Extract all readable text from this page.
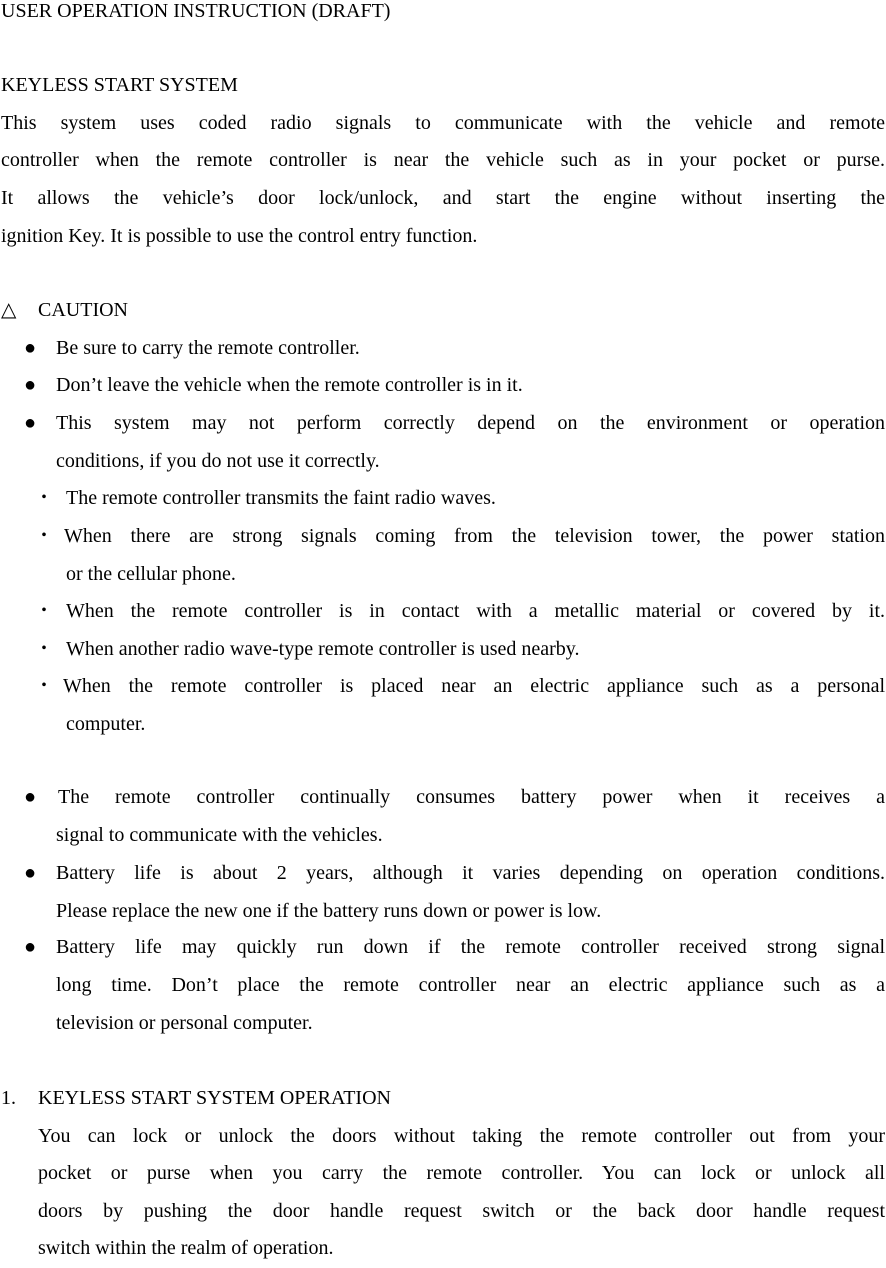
USER OPERATION INSTRUCTION (DRAFT)
KEYLESS START SYSTEM
This system uses coded radio signals to communicate with the vehicle and remote
controller when the remote controller is near the vehicle such as in your pocket or purse.
It allows the vehicle’s door lock/unlock, and start the engine without inserting the
ignition Key. It is possible to use the control entry function.
△ CAUTION
● Be sure to carry the remote controller.
● Don’t leave the vehicle when the remote controller is in it.
● This system may not perform correctly depend on the environment or operation
conditions, if you do not use it correctly.
・ The remote controller transmits the faint radio waves.
・ When there are strong signals coming from the television tower, the power station
or the cellular phone.
・ When the remote controller is in contact with a metallic material or covered by it.
・ When another radio wave-type remote controller is used nearby.
・ When the remote controller is placed near an electric appliance such as a personal
computer.
● The remote controller continually consumes battery power when it receives a
signal to communicate with the vehicles.
● Battery life is about 2 years, although it varies depending on operation conditions.
Please replace the new one if the battery runs down or power is low.
● Battery life may quickly run down if the remote controller received strong signal
long time. Don’t place the remote controller near an electric appliance such as a
television or personal computer.
1. KEYLESS START SYSTEM OPERATION
You can lock or unlock the doors without taking the remote controller out from your
pocket or purse when you carry the remote controller. You can lock or unlock all
doors by pushing the door handle request switch or the back door handle request
switch within the realm of operation.
